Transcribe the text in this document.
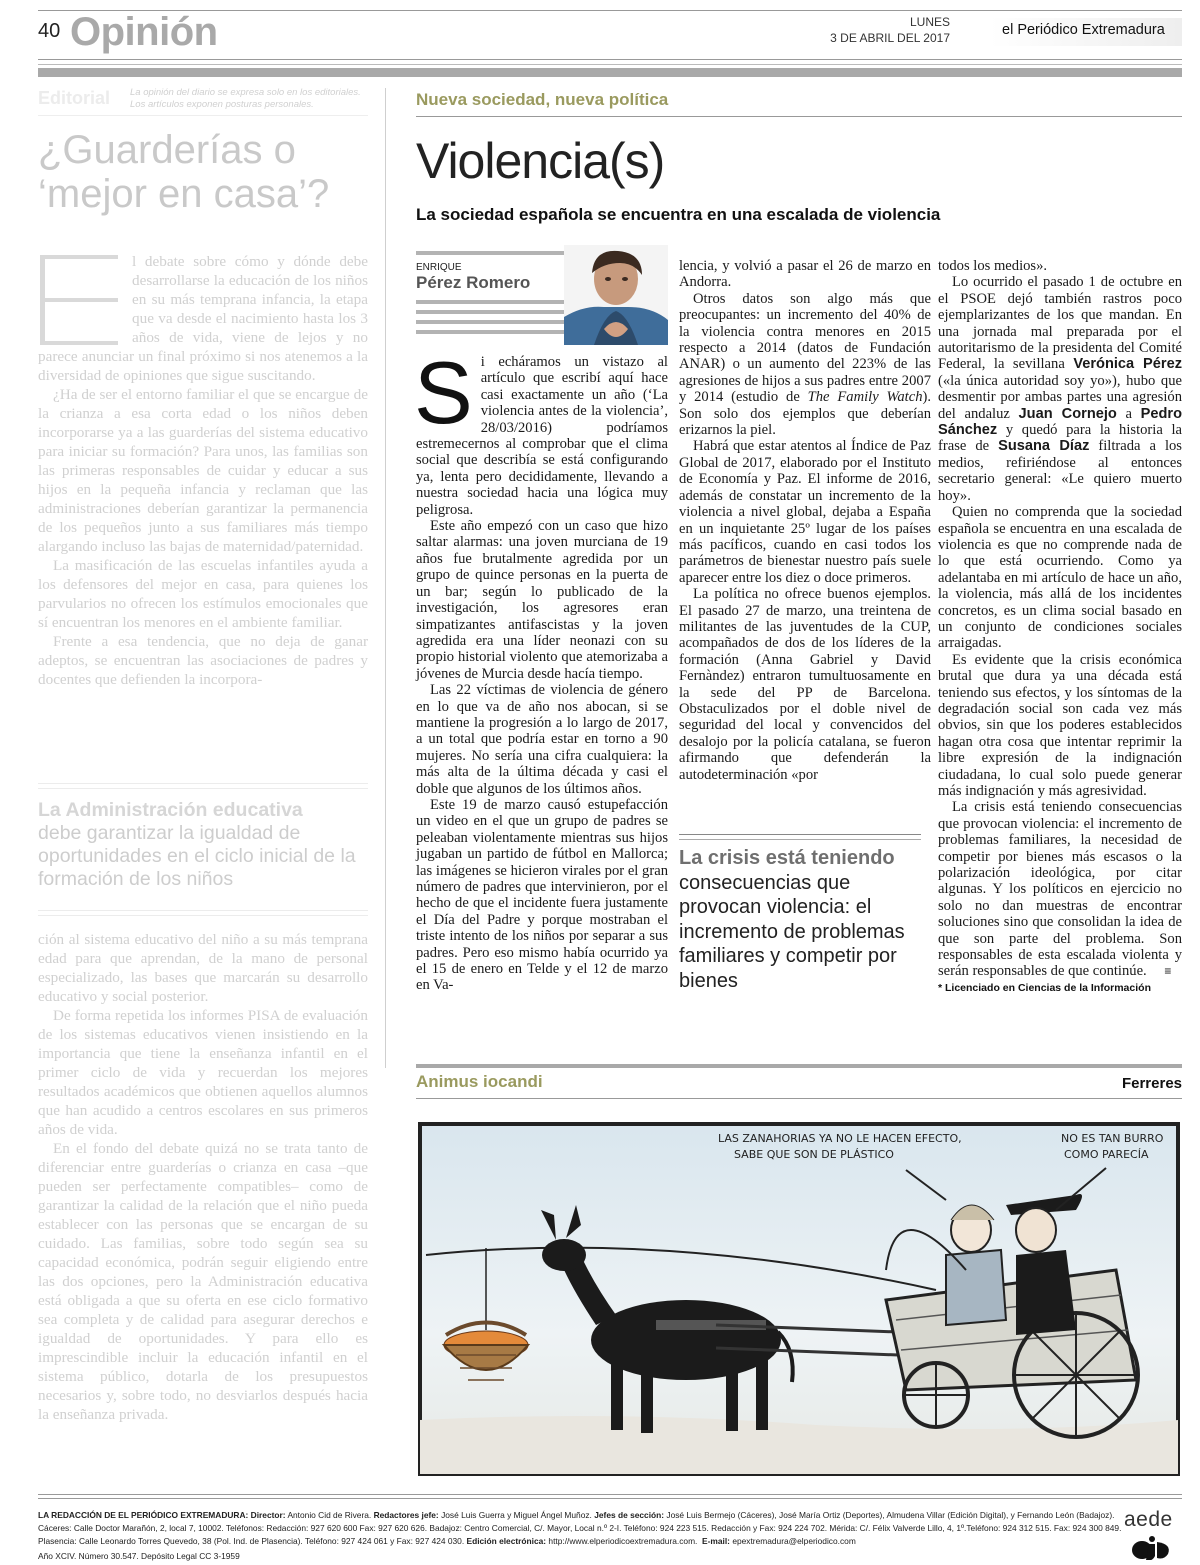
40 Opinión	LUNES
3 DE ABRIL DEL 2017	el Periódico Extremadura
Editorial La opinión del diario se expresa solo en los editoriales.
Los artículos exponen posturas personales.
¿Guarderías o ‘mejor en casa’?

l debate sobre cómo y dónde debe desarrollarse la educación de los niños en su más temprana infancia, la etapa que va desde el nacimiento hasta los 3 años de vida, viene de lejos y no parece anunciar un final próximo si nos atenemos a la diversidad de opiniones que sigue suscitando.

¿Ha de ser el entorno familiar el que se encargue de la crianza a esa corta edad o los niños deben incorporarse ya a las guarderías del sistema educativo para iniciar su formación? Para unos, las familias son las primeras responsables de cuidar y educar a sus hijos en la pequeña infancia y reclaman que las administraciones deberían garantizar la permanencia de los pequeños junto a sus familiares más tiempo alargando incluso las bajas de maternidad/paternidad.

La masificación de las escuelas infantiles ayuda a los defensores del mejor en casa, para quienes los parvularios no ofrecen los estímulos emocionales que sí encuentran los menores en el ambiente familiar.

Frente a esa tendencia, que no deja de ganar adeptos, se encuentran las asociaciones de padres y docentes que defienden la incorpora-

La Administración educativa
debe garantizar la igualdad de oportunidades en el ciclo inicial de la formación de los niños

ción al sistema educativo del niño a su más temprana edad para que aprendan, de la mano de personal especializado, las bases que marcarán su desarrollo educativo y social posterior.

De forma repetida los informes PISA de evaluación de los sistemas educativos vienen insistiendo en la importancia que tiene la enseñanza infantil en el primer ciclo de vida y recuerdan los mejores resultados académicos que obtienen aquellos alumnos que han acudido a centros escolares en sus primeros años de vida.

En el fondo del debate quizá no se trata tanto de diferenciar entre guarderías o crianza en casa –que pueden ser perfectamente compatibles– como de garantizar la calidad de la relación que el niño pueda establecer con las personas que se encargan de su cuidado. Las familias, sobre todo según sea su capacidad económica, podrán seguir eligiendo entre las dos opciones, pero la Administración educativa está obligada a que su oferta en ese ciclo formativo sea completa y de calidad para asegurar derechos e igualdad de oportunidades. Y para ello es imprescindible incluir la educación infantil en el sistema público, dotarla de los presupuestos necesarios y, sobre todo, no desviarlos después hacia la enseñanza privada.

Nueva sociedad, nueva política
Violencia(s)
La sociedad española se encuentra en una escalada de violencia
ENRIQUE
Pérez Romero
S i echáramos un vistazo al artículo que escribí aquí hace casi exactamente un año (‘La violencia antes de la violencia’, 28/03/2016) podríamos estremecernos al comprobar que el clima social que describía se está configurando ya, lenta pero decididamente, llevando a nuestra sociedad hacia una lógica muy peligrosa.

Este año empezó con un caso que hizo saltar alarmas: una joven murciana de 19 años fue brutalmente agredida por un grupo de quince personas en la puerta de un bar; según lo publicado de la investigación, los agresores eran simpatizantes antifascistas y la joven agredida era una líder neonazi con su propio historial violento que atemorizaba a jóvenes de Murcia desde hacía tiempo.

Las 22 víctimas de violencia de género en lo que va de año nos abocan, si se mantiene la progresión a lo largo de 2017, a un total que podría estar en torno a 90 mujeres. No sería una cifra cualquiera: la más alta de la última década y casi el doble que algunos de los últimos años.

Este 19 de marzo causó estupefacción un video en el que un grupo de padres se peleaban violentamente mientras sus hijos jugaban un partido de fútbol en Mallorca; las imágenes se hicieron virales por el gran número de padres que intervinieron, por el hecho de que el incidente fuera justamente el Día del Padre y porque mostraban el triste intento de los niños por separar a sus padres. Pero eso mismo había ocurrido ya el 15 de enero en Telde y el 12 de marzo en Va-

lencia, y volvió a pasar el 26 de marzo en Andorra.

Otros datos son algo más que preocupantes: un incremento del 40% de la violencia contra menores en 2015 respecto a 2014 (datos de Fundación ANAR) o un aumento del 223% de las agresiones de hijos a sus padres entre 2007 y 2014 (estudio de The Family Watch). Son solo dos ejemplos que deberían erizarnos la piel.

Habrá que estar atentos al Índice de Paz Global de 2017, elaborado por el Instituto de Economía y Paz. El informe de 2016, además de constatar un incremento de la violencia a nivel global, dejaba a España en un inquietante 25º lugar de los países más pacíficos, cuando en casi todos los parámetros de bienestar nuestro país suele aparecer entre los diez o doce primeros.

La política no ofrece buenos ejemplos. El pasado 27 de marzo, una treintena de militantes de las juventudes de la CUP, acompañados de dos de los líderes de la formación (Anna Gabriel y David Fernàndez) entraron tumultuosamente en la sede del PP de Barcelona. Obstaculizados por el doble nivel de seguridad del local y convencidos del desalojo por la policía catalana, se fueron afirmando que defenderán la autodeterminación «por

La crisis está teniendo
consecuencias que provocan violencia: el incremento de problemas familiares y competir por bienes

todos los medios».

Lo ocurrido el pasado 1 de octubre en el PSOE dejó también rastros poco ejemplarizantes de los que mandan. En una jornada mal preparada por el autoritarismo de la presidenta del Comité Federal, la sevillana Verónica Pérez («la única autoridad soy yo»), hubo que desmentir por ambas partes una agresión del andaluz Juan Cornejo a Pedro Sánchez y quedó para la historia la frase de Susana Díaz filtrada a los medios, refiriéndose al entonces secretario general: «Le quiero muerto hoy».

Quien no comprenda que la sociedad española se encuentra en una escalada de violencia es que no comprende nada de lo que está ocurriendo. Como ya adelantaba en mi artículo de hace un año, la violencia, más allá de los incidentes concretos, es un clima social basado en un conjunto de condiciones sociales arraigadas.

Es evidente que la crisis económica brutal que dura ya una década está teniendo sus efectos, y los síntomas de la degradación social son cada vez más obvios, sin que los poderes establecidos hagan otra cosa que intentar reprimir la libre expresión de la indignación ciudadana, lo cual solo puede generar más indignación y más agresividad.

La crisis está teniendo consecuencias que provocan violencia: el incremento de problemas familiares, la necesidad de competir por bienes más escasos o la polarización ideológica, por citar algunas. Y los políticos en ejercicio no solo no dan muestras de encontrar soluciones sino que consolidan la idea de que son parte del problema. Son responsables de esta escalada violenta y serán responsables de que continúe. ≡

* Licenciado en Ciencias de la Información
Animus iocandi	Ferreres
LAS ZANAHORIAS YA NO LE HACEN EFECTO,
SABE QUE SON DE PLÁSTICO
NO ES TAN BURRO
COMO PARECÍA
LA REDACCIÓN DE EL PERIÓDICO EXTREMADURA: Director: Antonio Cid de Rivera. Redactores jefe: José Luis Guerra y Miguel Ángel Muñoz. Jefes de sección: José Luis Bermejo (Cáceres), José María Ortiz (Deportes), Almudena Villar (Edición Digital), y Fernando León (Badajoz).
Cáceres: Calle Doctor Marañón, 2, local 7, 10002. Teléfonos: Redacción: 927 620 600 Fax: 927 620 626. Badajoz: Centro Comercial, C/. Mayor, Local n.º 2-I. Teléfono: 924 223 515. Redacción y Fax: 924 224 702. Mérida: C/. Félix Valverde Lillo, 4, 1º.Teléfono: 924 312 515. Fax: 924 300 849.
Plasencia: Calle Leonardo Torres Quevedo, 38 (Pol. Ind. de Plasencia). Teléfono: 927 424 061 y Fax: 927 424 030. Edición electrónica: http://www.elperiodicoextremadura.com. E-mail: epextremadura@elperiodico.com
Año XCIV. Número 30.547. Depósito Legal CC 3-1959
aede
